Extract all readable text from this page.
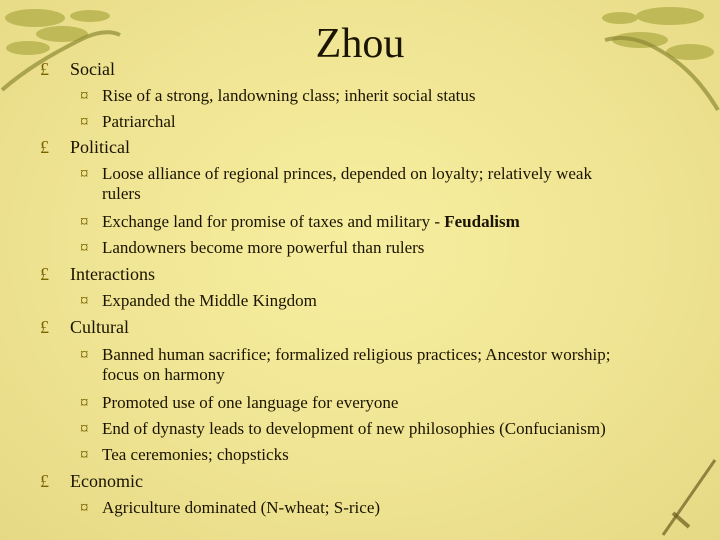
Zhou
£	Social
¤ Rise of a strong, landowning class; inherit social status
¤ Patriarchal
£	Political
¤ Loose alliance of regional princes, depended on loyalty; relatively weak
rulers
¤ Exchange land for promise of taxes and military - Feudalism
¤ Landowners become more powerful than rulers
£	Interactions
¤ Expanded the Middle Kingdom
£	Cultural
¤ Banned human sacrifice; formalized religious practices; Ancestor worship;
focus on harmony
¤ Promoted use of one language for everyone
¤ End of dynasty leads to development of new philosophies (Confucianism)
¤ Tea ceremonies; chopsticks
£	Economic
¤ Agriculture dominated (N-wheat; S-rice)
